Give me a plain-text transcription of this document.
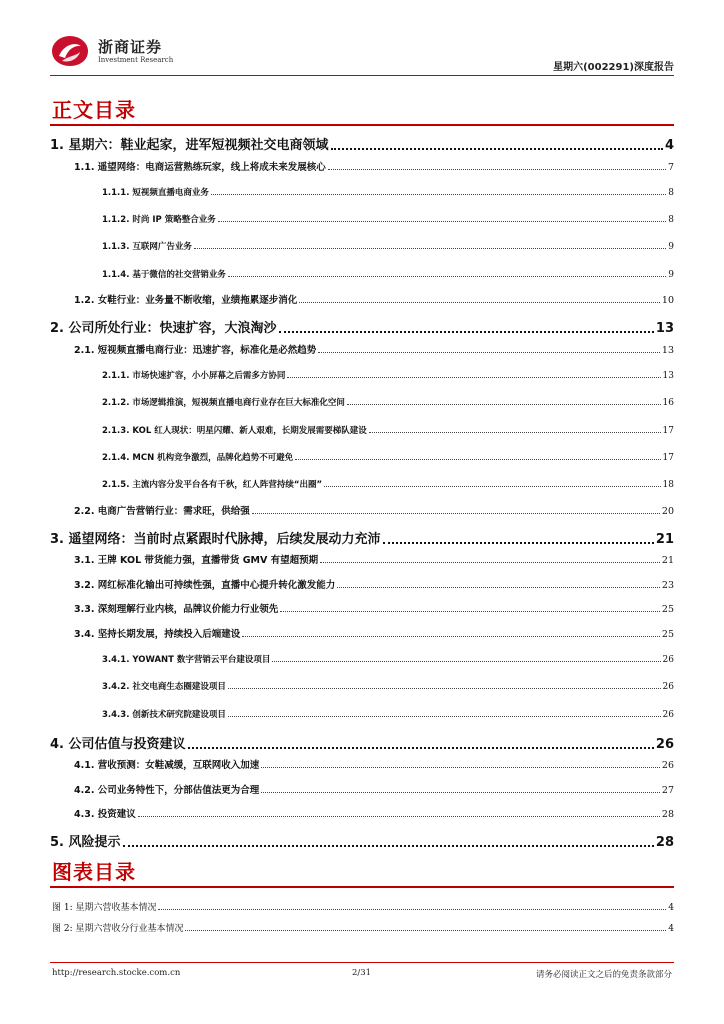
浙商证券
Investment Research
星期六(002291)深度报告
正文目录
1. 星期六：鞋业起家，进军短视频社交电商领域	4
1.1. 遥望网络：电商运营熟练玩家，线上将成未来发展核心	7
1.1.1. 短视频直播电商业务	8
1.1.2. 时尚 IP 策略整合业务	8
1.1.3. 互联网广告业务	9
1.1.4. 基于微信的社交营销业务	9
1.2. 女鞋行业：业务量不断收缩，业绩拖累逐步消化	10
2. 公司所处行业：快速扩容，大浪淘沙	13
2.1. 短视频直播电商行业：迅速扩容，标准化是必然趋势	13
2.1.1. 市场快速扩容，小小屏幕之后需多方协同	13
2.1.2. 市场逻辑推演，短视频直播电商行业存在巨大标准化空间	16
2.1.3. KOL 红人现状：明星闪耀、新人艰难，长期发展需要梯队建设	17
2.1.4. MCN 机构竞争激烈，品牌化趋势不可避免	17
2.1.5. 主流内容分发平台各有千秋，红人阵营持续“出圈”	18
2.2. 电商广告营销行业：需求旺，供给强	20
3. 遥望网络：当前时点紧跟时代脉搏，后续发展动力充沛	21
3.1. 王牌 KOL 带货能力强，直播带货 GMV 有望超预期	21
3.2. 网红标准化输出可持续性强，直播中心提升转化激发能力	23
3.3. 深刻理解行业内核，品牌议价能力行业领先	25
3.4. 坚持长期发展，持续投入后端建设	25
3.4.1. YOWANT 数字营销云平台建设项目	26
3.4.2. 社交电商生态圈建设项目	26
3.4.3. 创新技术研究院建设项目	26
4. 公司估值与投资建议	26
4.1. 营收预测：女鞋减缓，互联网收入加速	26
4.2. 公司业务特性下，分部估值法更为合理	27
4.3. 投资建议	28
5. 风险提示	28
图表目录
图 1: 星期六营收基本情况	4
图 2: 星期六营收分行业基本情况	4
http://research.stocke.com.cn	2/31	请务必阅读正文之后的免责条款部分
